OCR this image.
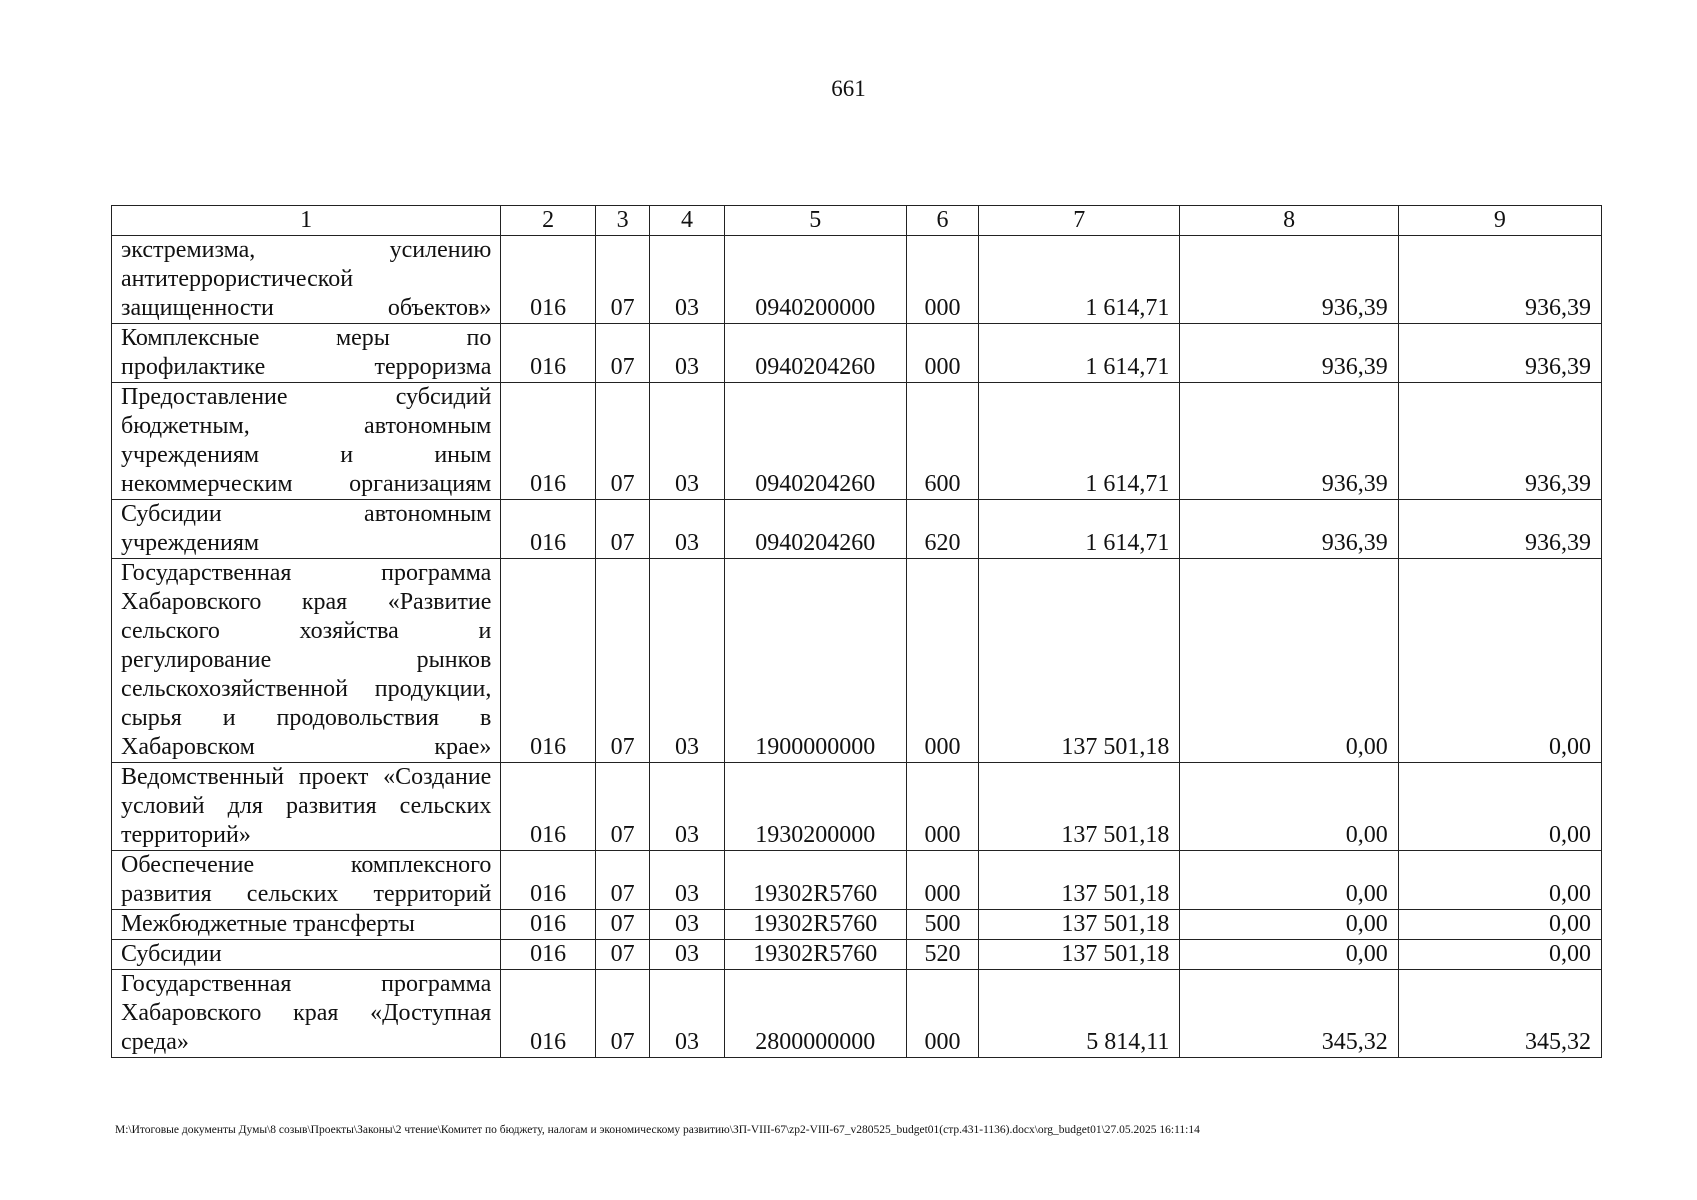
661
1	2	3	4	5	6	7	8	9
экстремизма, усилению антитеррористической защищенности объектов»	016	07	03	0940200000	000	1 614,71	936,39	936,39
Комплексные меры по профилактике терроризма	016	07	03	0940204260	000	1 614,71	936,39	936,39
Предоставление субсидий бюджетным, автономным учреждениям и иным некоммерческим организациям	016	07	03	0940204260	600	1 614,71	936,39	936,39
Субсидии автономным учреждениям	016	07	03	0940204260	620	1 614,71	936,39	936,39
Государственная программа Хабаровского края «Развитие сельского хозяйства и регулирование рынков сельскохозяйственной продукции, сырья и продовольствия в Хабаровском крае»	016	07	03	1900000000	000	137 501,18	0,00	0,00
Ведомственный проект «Создание условий для развития сельских территорий»	016	07	03	1930200000	000	137 501,18	0,00	0,00
Обеспечение комплексного развития сельских территорий	016	07	03	19302R5760	000	137 501,18	0,00	0,00
Межбюджетные трансферты	016	07	03	19302R5760	500	137 501,18	0,00	0,00
Субсидии	016	07	03	19302R5760	520	137 501,18	0,00	0,00
Государственная программа Хабаровского края «Доступная среда»	016	07	03	2800000000	000	5 814,11	345,32	345,32
М:\Итоговые документы Думы\8 созыв\Проекты\Законы\2 чтение\Комитет по бюджету, налогам и экономическому развитию\ЗП-VIII-67\zp2-VIII-67_v280525_budget01(стр.431-1136).docx\org_budget01\27.05.2025 16:11:14
